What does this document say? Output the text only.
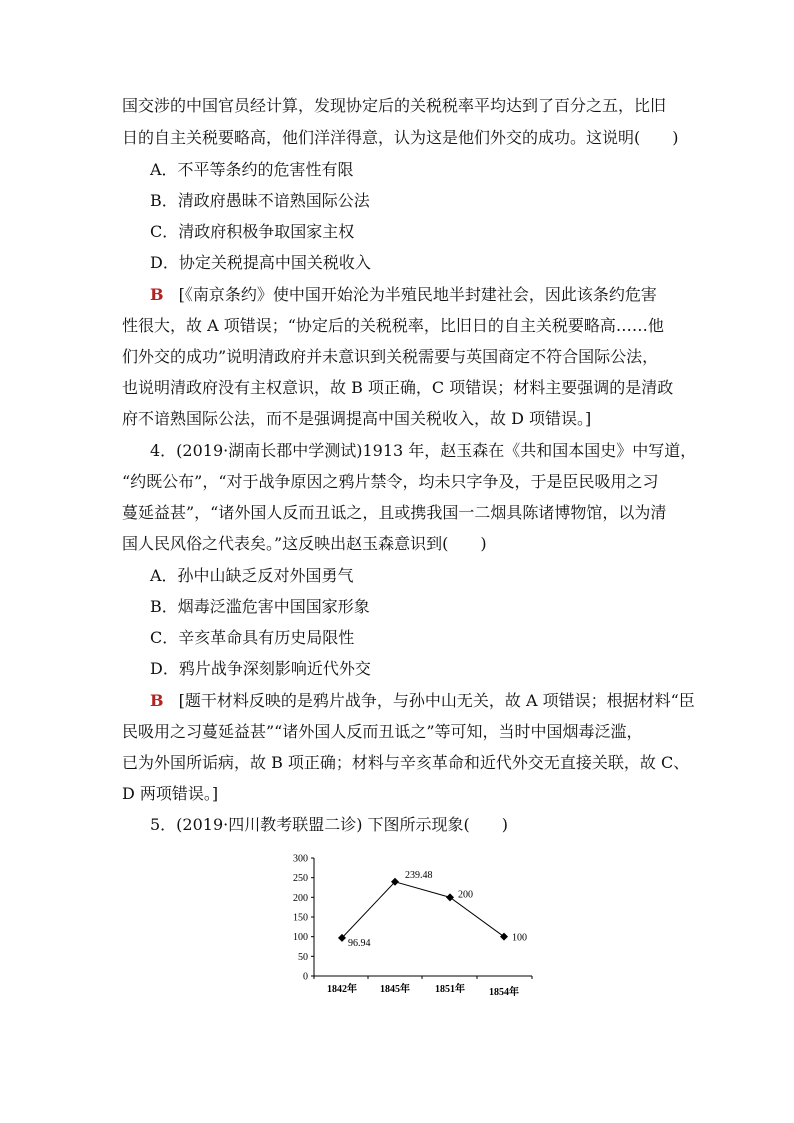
国交涉的中国官员经计算，发现协定后的关税税率平均达到了百分之五，比旧
日的自主关税要略高，他们洋洋得意，认为这是他们外交的成功。这说明(　　)
A．不平等条约的危害性有限
B．清政府愚昧不谙熟国际公法
C．清政府积极争取国家主权
D．协定关税提高中国关税收入
B [《南京条约》使中国开始沦为半殖民地半封建社会，因此该条约危害
性很大，故 A 项错误；“协定后的关税税率，比旧日的自主关税要略高……他
们外交的成功”说明清政府并未意识到关税需要与英国商定不符合国际公法，
也说明清政府没有主权意识，故 B 项正确，C 项错误；材料主要强调的是清政
府不谙熟国际公法，而不是强调提高中国关税收入，故 D 项错误。]
4．(2019·湖南长郡中学测试)1913 年，赵玉森在《共和国本国史》中写道，
“约既公布”，“对于战争原因之鸦片禁令，均未只字争及，于是臣民吸用之习
蔓延益甚”，“诸外国人反而丑诋之，且或携我国一二烟具陈诸博物馆，以为清
国人民风俗之代表矣。”这反映出赵玉森意识到(　　)
A．孙中山缺乏反对外国勇气
B．烟毒泛滥危害中国国家形象
C．辛亥革命具有历史局限性
D．鸦片战争深刻影响近代外交
B [题干材料反映的是鸦片战争，与孙中山无关，故 A 项错误；根据材料“臣
民吸用之习蔓延益甚”“诸外国人反而丑诋之”等可知，当时中国烟毒泛滥，
已为外国所诟病，故 B 项正确；材料与辛亥革命和近代外交无直接关联，故 C、
D 两项错误。]
5．(2019·四川教考联盟二诊) 下图所示现象(　　)
0
50
100
150
200
250
300
96.94
239.48
200
100
1842年 1845年	1851年 1854年
